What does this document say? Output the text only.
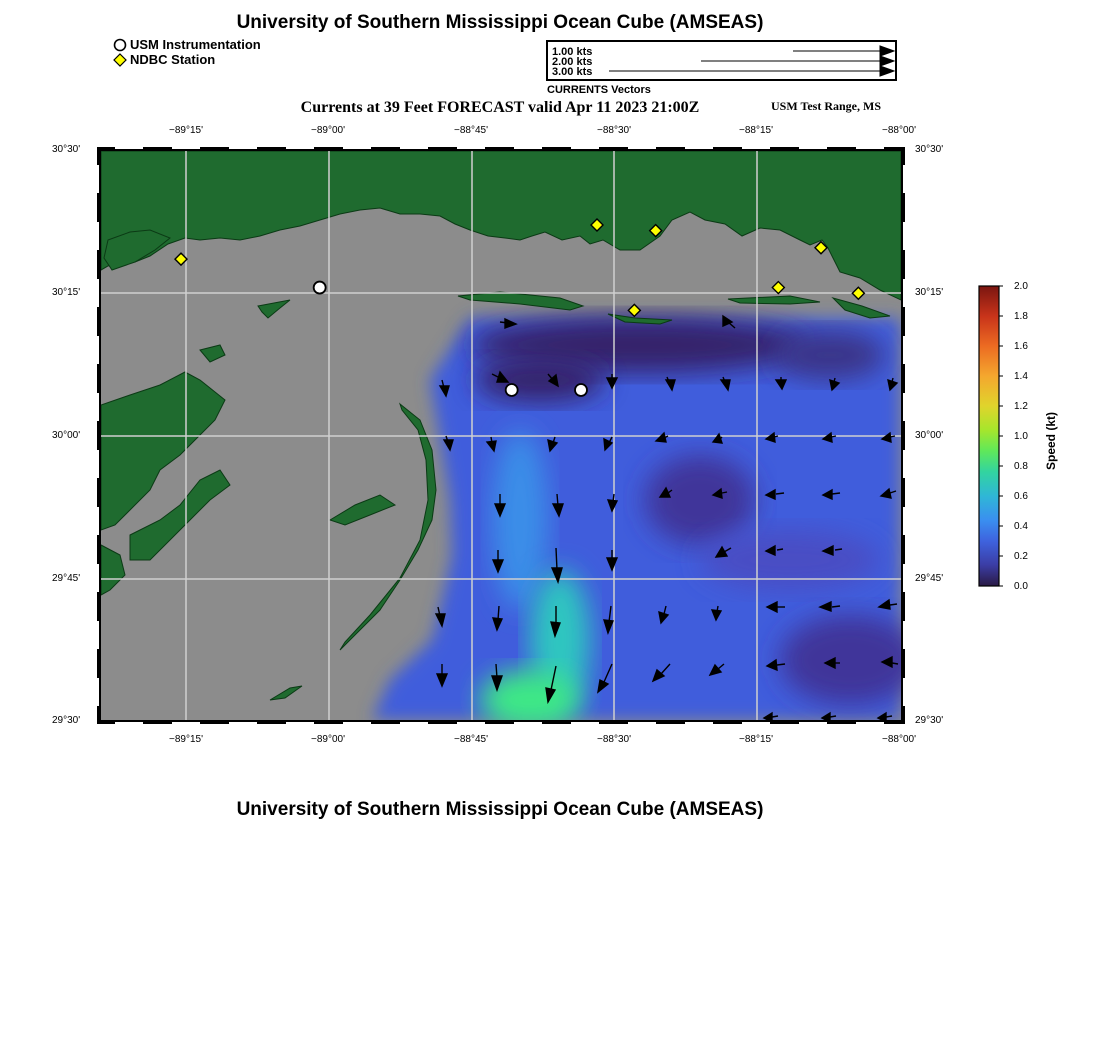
University of Southern Mississippi Ocean Cube (AMSEAS)
USM Instrumentation
NDBC Station	1.00 kts
2.00 kts
3.00 kts
CURRENTS Vectors
Currents at 39 Feet FORECAST valid Apr 11 2023 21:00Z	USM Test Range, MS
−89°15'	−89°00'	−88°45'	−88°30'	−88°15'	−88°00'
−89°15'	−89°00'	−88°45'	−88°30'	−88°15'	−88°00'
30°30'
30°15'
30°00'
29°45'
29°30'
30°30'
30°15'
30°00'
29°45'
29°30'
2.0
1.8
1.6
1.4
1.2
1.0
0.8
0.6
0.4
0.2
0.0
Speed (kt)
University of Southern Mississippi Ocean Cube (AMSEAS)
